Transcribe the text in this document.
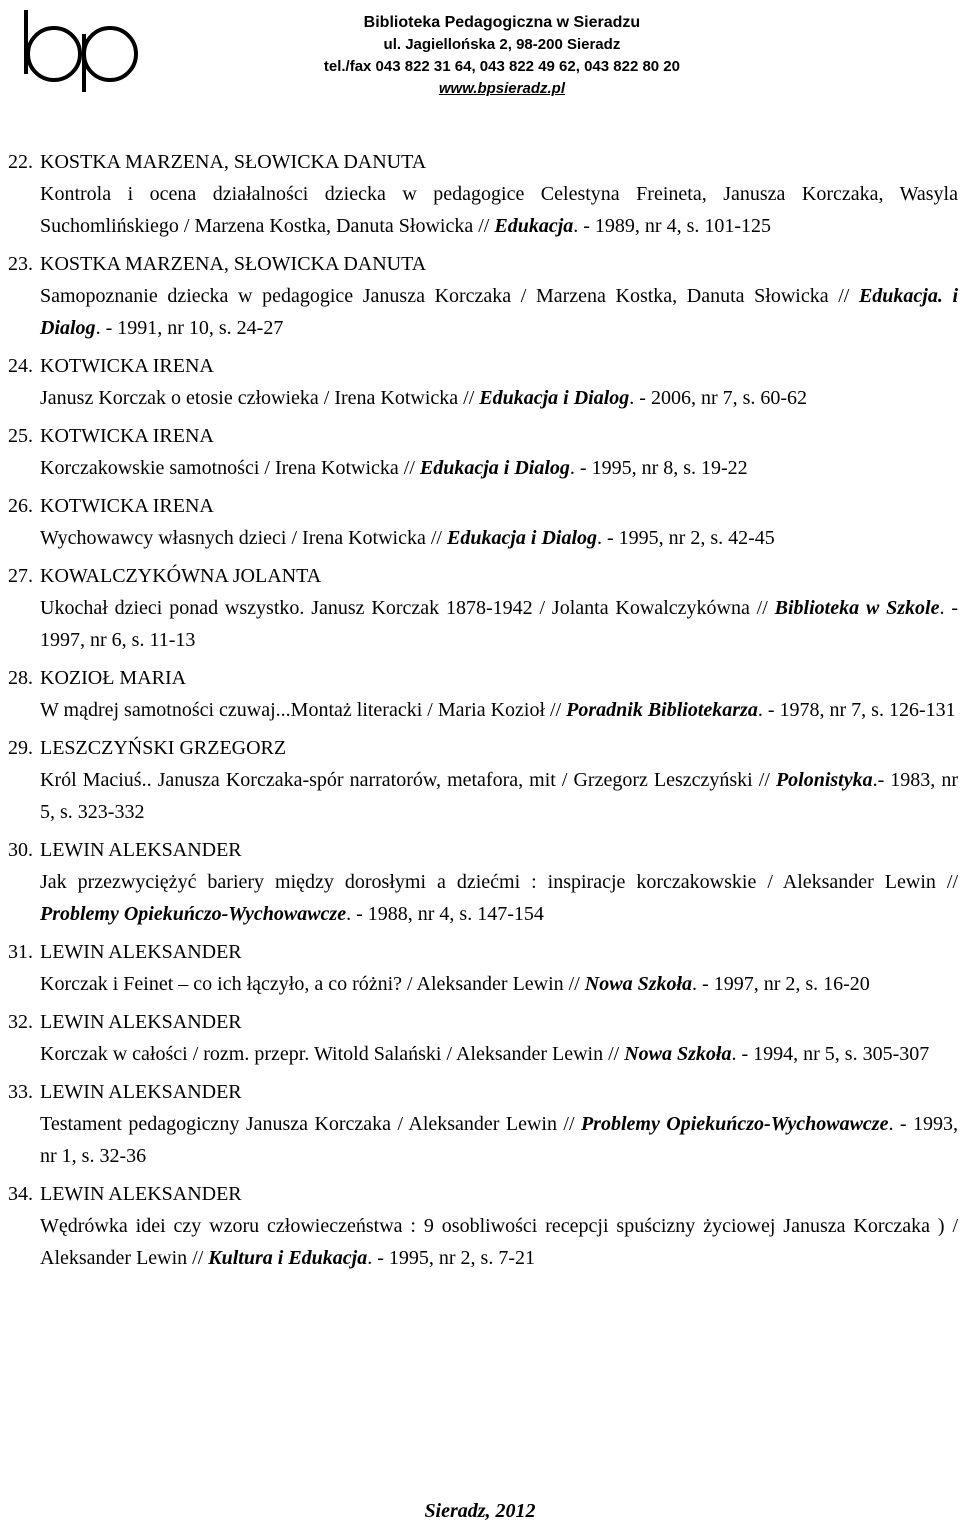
Biblioteka Pedagogiczna w Sieradzu
ul. Jagiellońska 2, 98-200 Sieradz
tel./fax 043 822 31 64, 043 822 49 62, 043 822 80 20
www.bpsieradz.pl
22. KOSTKA MARZENA, SŁOWICKA DANUTA
Kontrola i ocena działalności dziecka w pedagogice Celestyna Freineta, Janusza Korczaka, Wasyla Suchomlińskiego / Marzena Kostka, Danuta Słowicka // Edukacja. - 1989, nr 4, s. 101-125
23. KOSTKA MARZENA, SŁOWICKA DANUTA
Samopoznanie dziecka w pedagogice Janusza Korczaka / Marzena Kostka, Danuta Słowicka // Edukacja. i Dialog. - 1991, nr 10, s. 24-27
24. KOTWICKA IRENA
Janusz Korczak o etosie człowieka / Irena Kotwicka // Edukacja i Dialog. - 2006, nr 7, s. 60-62
25. KOTWICKA IRENA
Korczakowskie samotności / Irena Kotwicka // Edukacja i Dialog. - 1995, nr 8, s. 19-22
26. KOTWICKA IRENA
Wychowawcy własnych dzieci / Irena Kotwicka // Edukacja i Dialog. - 1995, nr 2, s. 42-45
27. KOWALCZYKÓWNA JOLANTA
Ukochał dzieci ponad wszystko. Janusz Korczak 1878-1942 / Jolanta Kowalczykówna // Biblioteka w Szkole. - 1997, nr 6, s. 11-13
28. KOZIOŁ MARIA
W mądrej samotności czuwaj...Montaż literacki / Maria Kozioł // Poradnik Bibliotekarza. - 1978, nr 7, s. 126-131
29. LESZCZYŃSKI GRZEGORZ
Król Maciuś.. Janusza Korczaka-spór narratorów, metafora, mit / Grzegorz Leszczyński // Polonistyka.- 1983, nr 5, s. 323-332
30. LEWIN ALEKSANDER
Jak przezwyciężyć bariery między dorosłymi a dziećmi : inspiracje korczakowskie / Aleksander Lewin // Problemy Opiekuńczo-Wychowawcze. - 1988, nr 4, s. 147-154
31. LEWIN ALEKSANDER
Korczak i Feinet – co ich łączyło, a co różni? / Aleksander Lewin // Nowa Szkoła. - 1997, nr 2, s. 16-20
32. LEWIN ALEKSANDER
Korczak w całości / rozm. przepr. Witold Salański / Aleksander Lewin // Nowa Szkoła. - 1994, nr 5, s. 305-307
33. LEWIN ALEKSANDER
Testament pedagogiczny Janusza Korczaka / Aleksander Lewin // Problemy Opiekuńczo-Wychowawcze. - 1993, nr 1, s. 32-36
34. LEWIN ALEKSANDER
Wędrówka idei czy wzoru człowieczeństwa : 9 osobliwości recepcji spuścizny życiowej Janusza Korczaka ) / Aleksander Lewin // Kultura i Edukacja. - 1995, nr 2, s. 7-21
Sieradz, 2012
